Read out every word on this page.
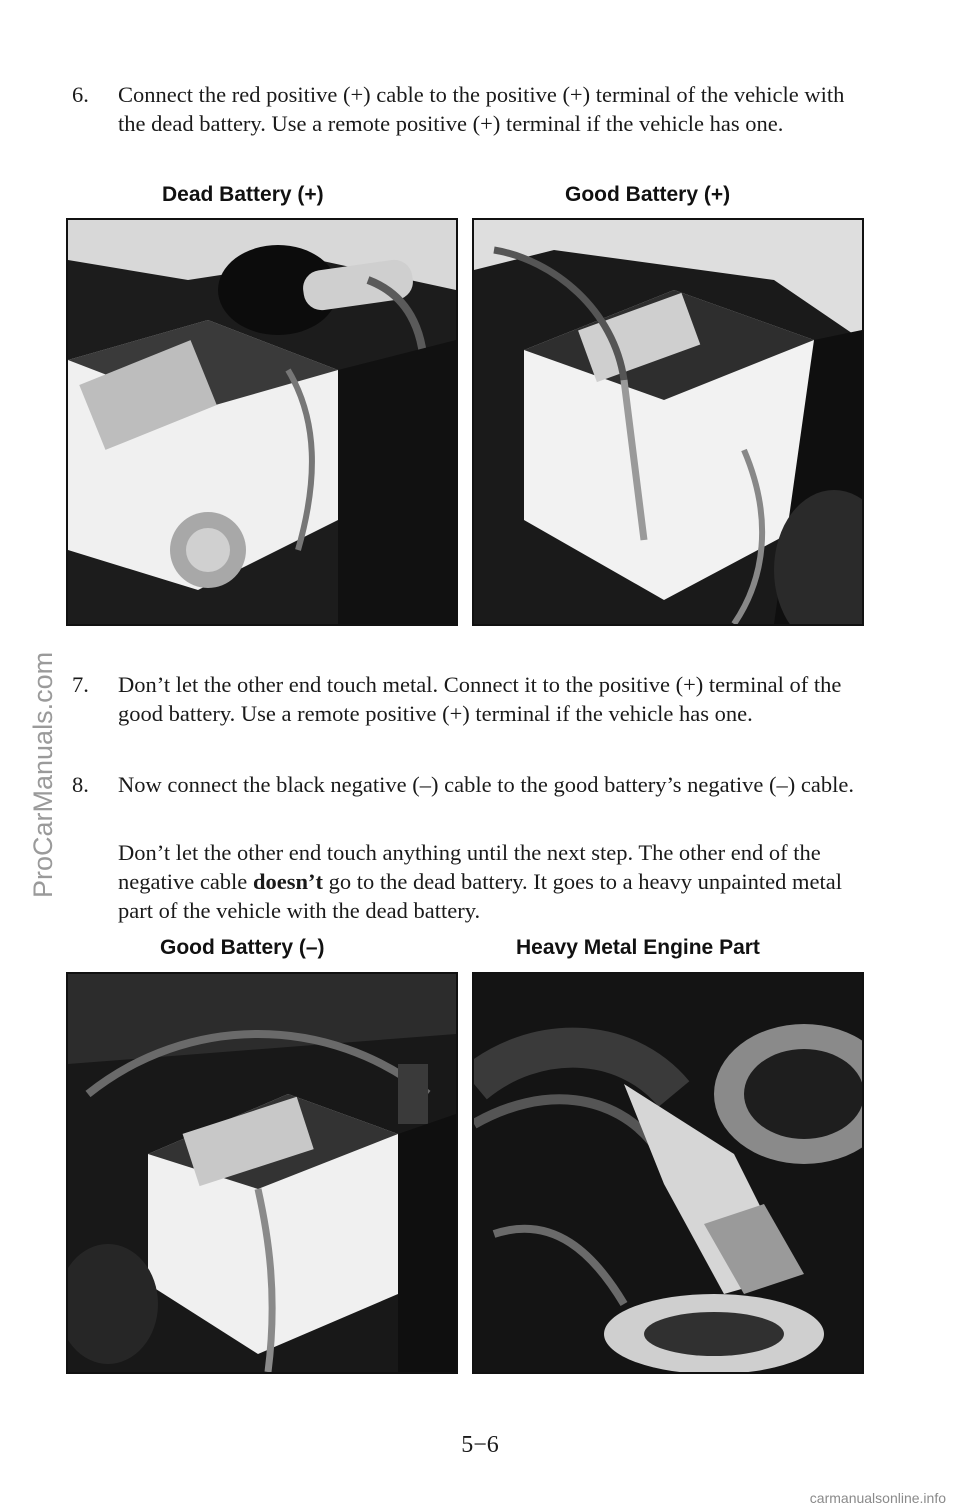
ProCarManuals.com

6.	Connect the red positive (+) cable to the positive (+) terminal of the vehicle with the dead battery. Use a remote positive (+) terminal if the vehicle has one.

Dead Battery (+)	Good Battery (+)

7.	Don’t let the other end touch metal. Connect it to the positive (+) terminal of the good battery. Use a remote positive (+) terminal if the vehicle has one.

8.	Now connect the black negative (–) cable to the good battery’s negative (–) cable.

Don’t let the other end touch anything until the next step. The other end of the negative cable doesn’t go to the dead battery. It goes to a heavy unpainted metal part of the vehicle with the dead battery.

Good Battery (–)	Heavy Metal Engine Part
5−6
carmanualsonline.info
